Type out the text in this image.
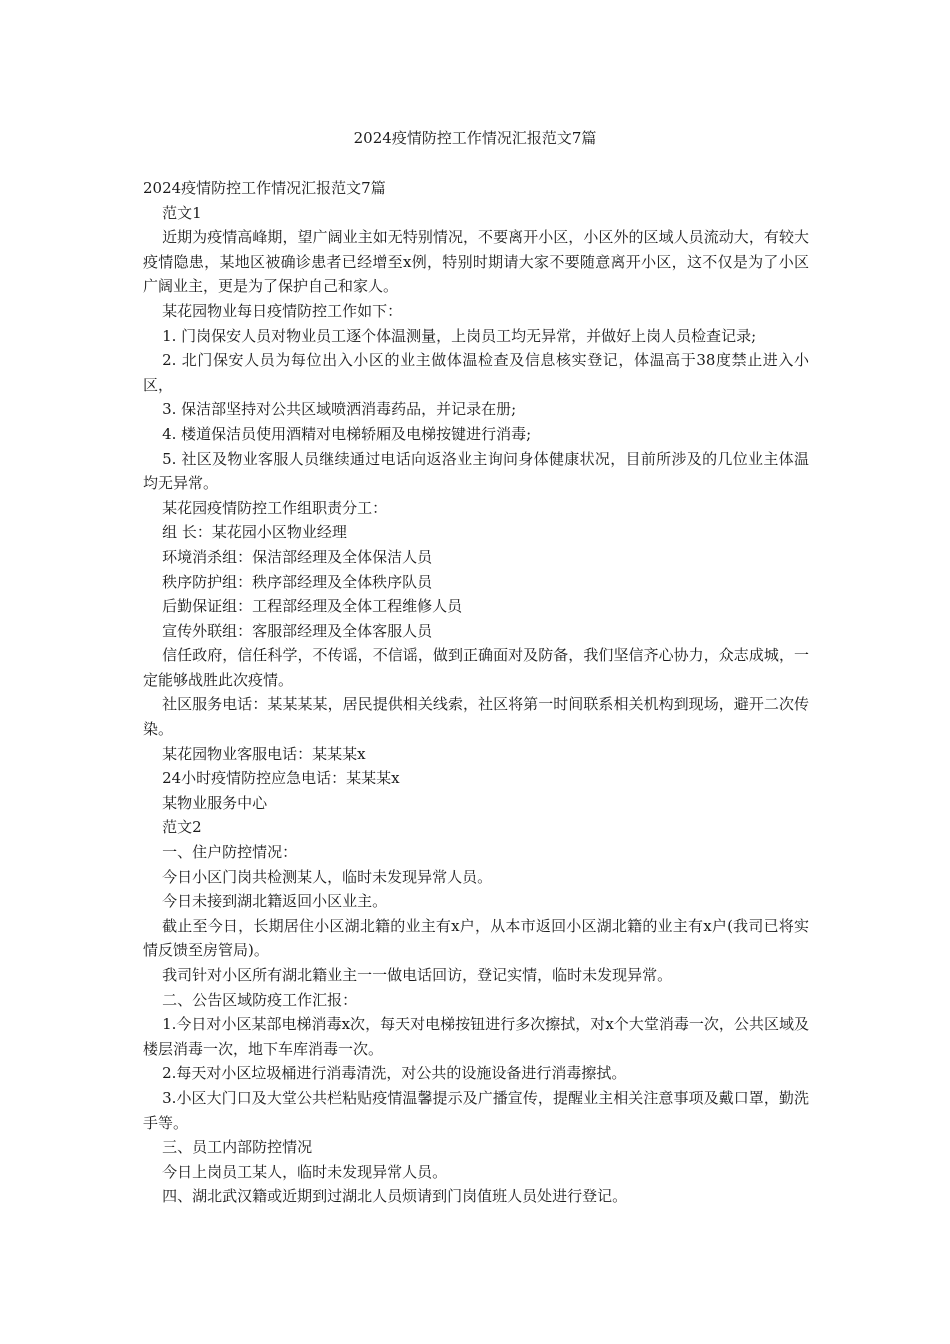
2024疫情防控工作情况汇报范文7篇

2024疫情防控工作情况汇报范文7篇

范文1

近期为疫情高峰期，望广阔业主如无特别情况，不要离开小区，小区外的区域人员流动大，有较大疫情隐患，某地区被确诊患者已经增至x例，特别时期请大家不要随意离开小区，这不仅是为了小区广阔业主，更是为了保护自己和家人。

某花园物业每日疫情防控工作如下：

1. 门岗保安人员对物业员工逐个体温测量，上岗员工均无异常，并做好上岗人员检查记录;

2. 北门保安人员为每位出入小区的业主做体温检查及信息核实登记，体温高于38度禁止进入小区，

3. 保洁部坚持对公共区域喷洒消毒药品，并记录在册;

4. 楼道保洁员使用酒精对电梯轿厢及电梯按键进行消毒;

5. 社区及物业客服人员继续通过电话向返洛业主询问身体健康状况，目前所涉及的几位业主体温均无异常。

某花园疫情防控工作组职责分工：

组 长：某花园小区物业经理

环境消杀组：保洁部经理及全体保洁人员

秩序防护组：秩序部经理及全体秩序队员

后勤保证组：工程部经理及全体工程维修人员

宣传外联组：客服部经理及全体客服人员

信任政府，信任科学，不传谣，不信谣，做到正确面对及防备，我们坚信齐心协力，众志成城，一定能够战胜此次疫情。

社区服务电话：某某某某，居民提供相关线索，社区将第一时间联系相关机构到现场，避开二次传染。

某花园物业客服电话：某某某x

24小时疫情防控应急电话：某某某x

某物业服务中心

范文2

一、住户防控情况：

今日小区门岗共检测某人，临时未发现异常人员。

今日未接到湖北籍返回小区业主。

截止至今日，长期居住小区湖北籍的业主有x户，从本市返回小区湖北籍的业主有x户(我司已将实情反馈至房管局)。

我司针对小区所有湖北籍业主一一做电话回访，登记实情，临时未发现异常。

二、公告区域防疫工作汇报：

1.今日对小区某部电梯消毒x次，每天对电梯按钮进行多次擦拭，对x个大堂消毒一次，公共区域及楼层消毒一次，地下车库消毒一次。

2.每天对小区垃圾桶进行消毒清洗，对公共的设施设备进行消毒擦拭。

3.小区大门口及大堂公共栏粘贴疫情温馨提示及广播宣传，提醒业主相关注意事项及戴口罩，勤洗手等。

三、员工内部防控情况

今日上岗员工某人，临时未发现异常人员。

四、湖北武汉籍或近期到过湖北人员烦请到门岗值班人员处进行登记。
